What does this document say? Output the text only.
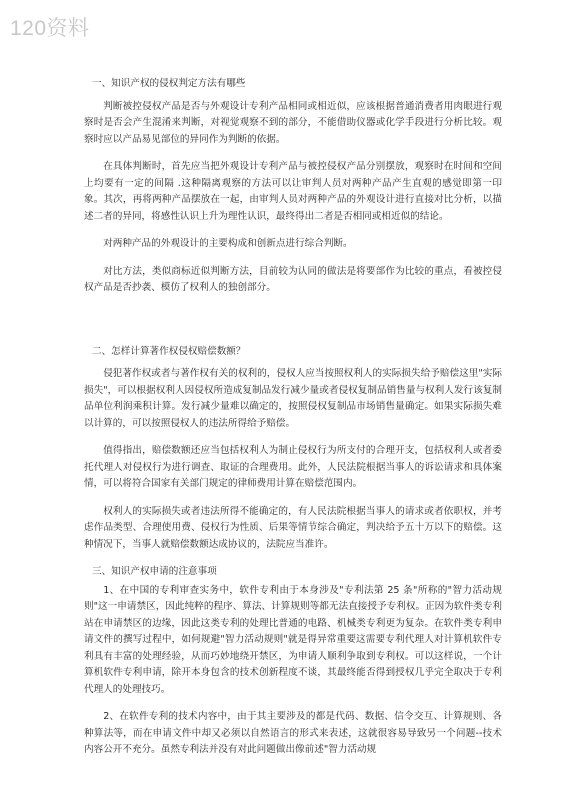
120资料
一、知识产权的侵权判定方法有哪些

判断被控侵权产品是否与外观设计专利产品相同或相近似，应该根据普通消费者用肉眼进行观察时是否会产生混淆来判断，对视觉观察不到的部分，不能借助仪器或化学手段进行分析比较。观察时应以产品易见部位的异同作为判断的依据。

在具体判断时，首先应当把外观设计专利产品与被控侵权产品分别摆放，观察时在时间和空间上均要有一定的间隔 .这种隔离观察的方法可以让审判人员对两种产品产生直观的感觉即第一印象。其次，再将两种产品摆放在一起，由审判人员对两种产品的外观设计进行直接对比分析，以描述二者的异同，将感性认识上升为理性认识，最终得出二者是否相同或相近似的结论。

对两种产品的外观设计的主要构成和创新点进行综合判断。

对比方法，类似商标近似判断方法，目前较为认同的做法是将要部作为比较的重点，看被控侵权产品是否抄袭、模仿了权利人的独创部分。

二、怎样计算著作权侵权赔偿数额？

侵犯著作权或者与著作权有关的权利的，侵权人应当按照权利人的实际损失给予赔偿这里"实际损失"，可以根据权利人因侵权所造成复制品发行减少量或者侵权复制品销售量与权利人发行该复制品单位利润乘积计算。发行减少量难以确定的，按照侵权复制品市场销售量确定。如果实际损失难以计算的，可以按照侵权人的违法所得给予赔偿。

值得指出，赔偿数额还应当包括权利人为制止侵权行为所支付的合理开支，包括权利人或者委托代理人对侵权行为进行调查、取证的合理费用。此外，人民法院根据当事人的诉讼请求和具体案情，可以将符合国家有关部门规定的律师费用计算在赔偿范围内。

权利人的实际损失或者违法所得不能确定的，有人民法院根据当事人的请求或者依职权，并考虑作品类型、合理使用费、侵权行为性质、后果等情节综合确定，判决给予五十万以下的赔偿。这种情况下，当事人就赔偿数额达成协议的，法院应当准许。

三、知识产权申请的注意事项

1、在中国的专利审查实务中，软件专利由于本身涉及"专利法第 25 条"所称的"智力活动规则"这一申请禁区，因此纯粹的程序、算法、计算规则等都无法直接授予专利权。正因为软件类专利站在申请禁区的边缘，因此这类专利的处理比普通的电路、机械类专利更为复杂。在软件类专利申请文件的撰写过程中，如何规避"智力活动规则"就是得异常重要这需要专利代理人对计算机软件专利具有丰富的处理经验，从而巧妙地绕开禁区，为申请人顺利争取到专利权。可以这样说，一个计算机软件专利申请，除开本身包含的技术创新程度不谈，其最终能否得到授权几乎完全取决于专利代理人的处理技巧。

2、在软件专利的技术内容中，由于其主要涉及的都是代码、数据、信令交互、计算规则、各种算法等，而在申请文件中却又必须以自然语言的形式来表述，这就很容易导致另一个问题--技术内容公开不充分。虽然专利法并没有对此问题做出像前述"智力活动规
